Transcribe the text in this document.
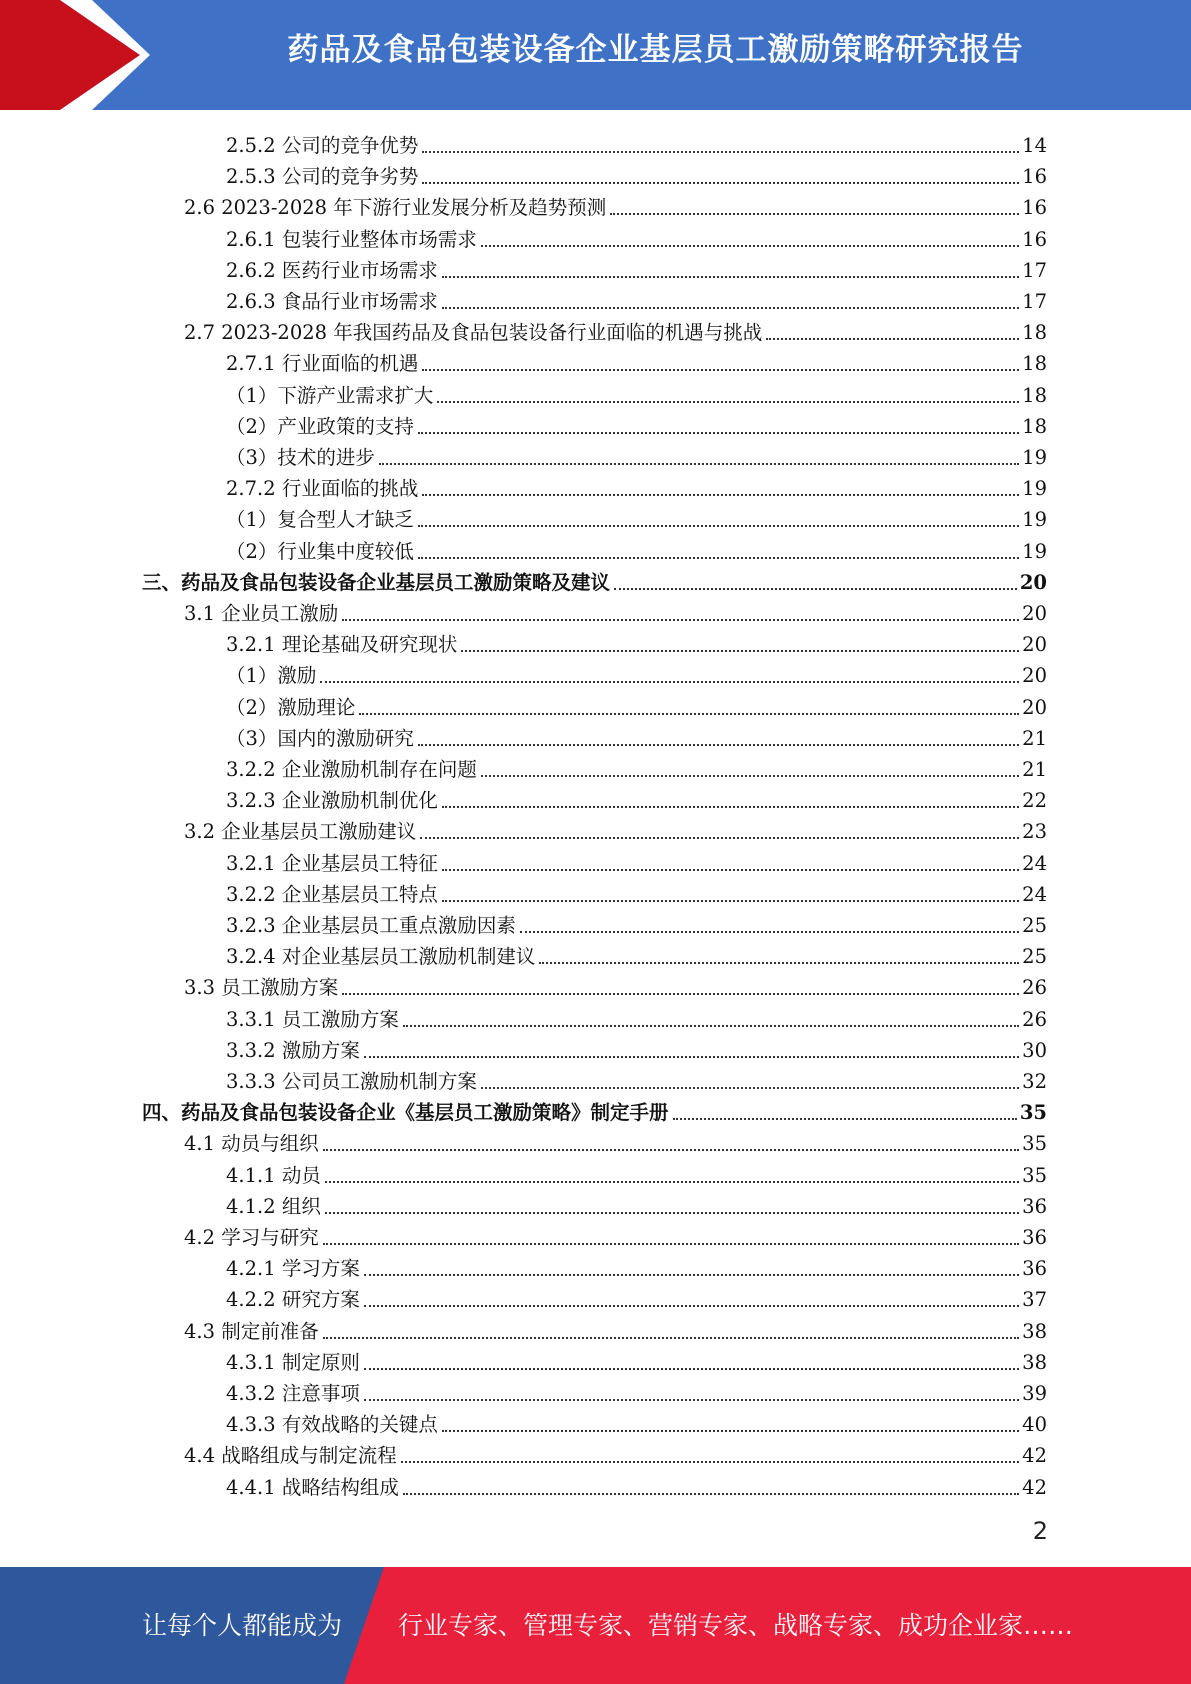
药品及食品包装设备企业基层员工激励策略研究报告
2.5.2 公司的竞争优势	14
2.5.3 公司的竞争劣势	16
2.6 2023-2028 年下游行业发展分析及趋势预测	16
2.6.1 包装行业整体市场需求	16
2.6.2 医药行业市场需求	17
2.6.3 食品行业市场需求	17
2.7 2023-2028 年我国药品及食品包装设备行业面临的机遇与挑战	18
2.7.1 行业面临的机遇	18
（1）下游产业需求扩大	18
（2）产业政策的支持	18
（3）技术的进步	19
2.7.2 行业面临的挑战	19
（1）复合型人才缺乏	19
（2）行业集中度较低	19
三、药品及食品包装设备企业基层员工激励策略及建议	20
3.1 企业员工激励	20
3.2.1 理论基础及研究现状	20
（1）激励	20
（2）激励理论	20
（3）国内的激励研究	21
3.2.2 企业激励机制存在问题	21
3.2.3 企业激励机制优化	22
3.2 企业基层员工激励建议	23
3.2.1 企业基层员工特征	24
3.2.2 企业基层员工特点	24
3.2.3 企业基层员工重点激励因素	25
3.2.4 对企业基层员工激励机制建议	25
3.3 员工激励方案	26
3.3.1 员工激励方案	26
3.3.2 激励方案	30
3.3.3 公司员工激励机制方案	32
四、药品及食品包装设备企业《基层员工激励策略》制定手册	35
4.1 动员与组织	35
4.1.1 动员	35
4.1.2 组织	36
4.2 学习与研究	36
4.2.1 学习方案	36
4.2.2 研究方案	37
4.3 制定前准备	38
4.3.1 制定原则	38
4.3.2 注意事项	39
4.3.3 有效战略的关键点	40
4.4 战略组成与制定流程	42
4.4.1 战略结构组成	42
2
让每个人都能成为 行业专家、管理专家、营销专家、战略专家、成功企业家……
